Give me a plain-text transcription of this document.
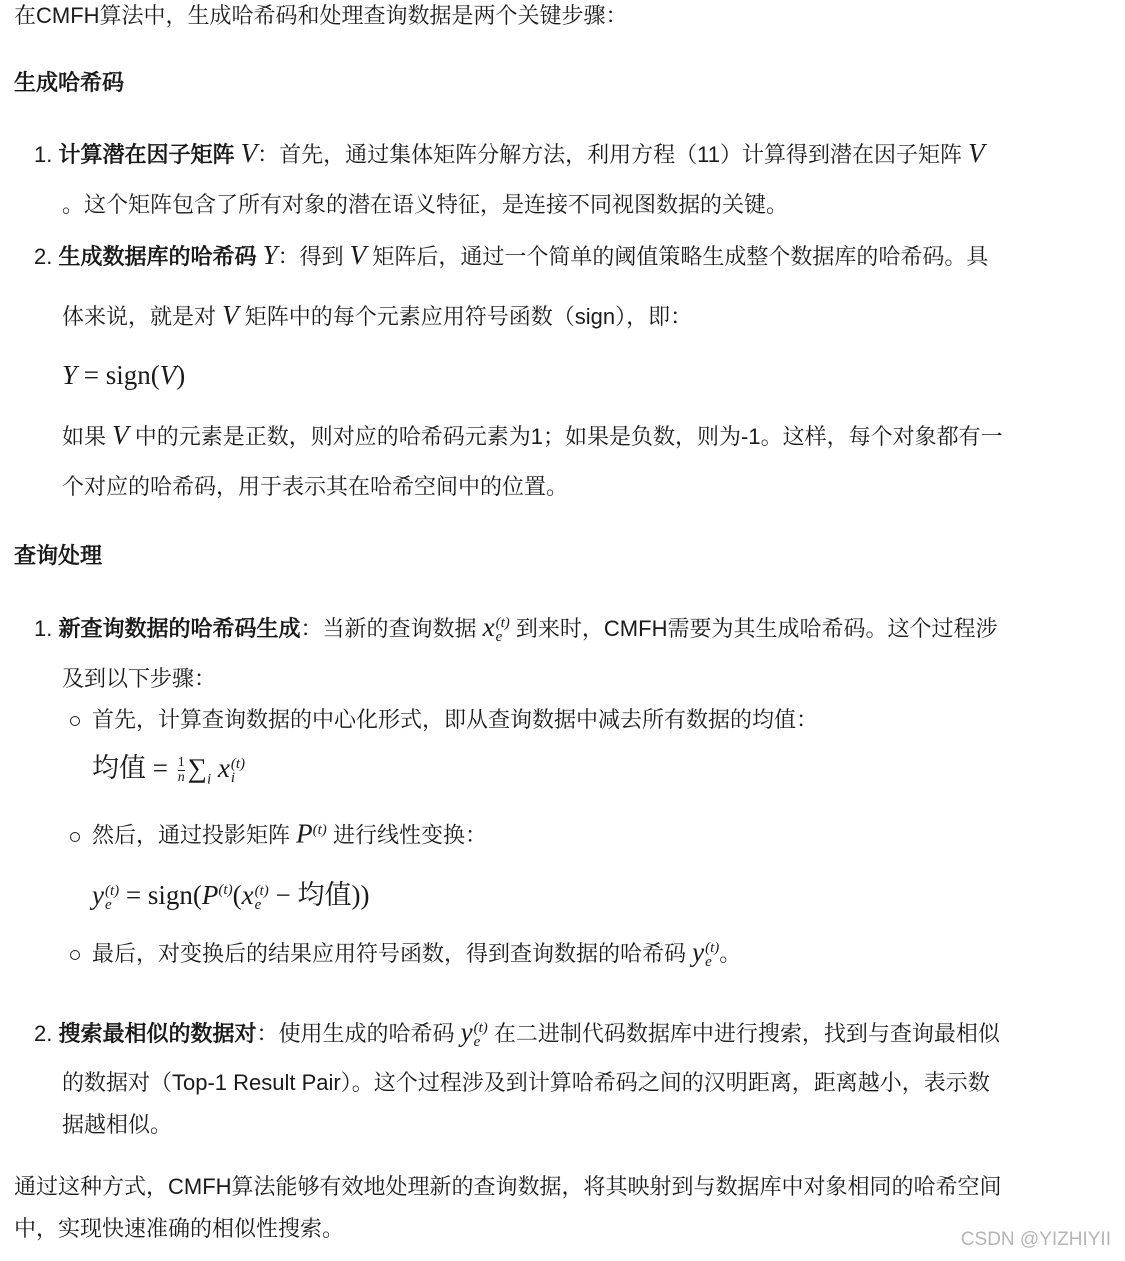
在CMFH算法中，生成哈希码和处理查询数据是两个关键步骤：
生成哈希码
1. 计算潜在因子矩阵 V：首先，通过集体矩阵分解方法，利用方程（11）计算得到潜在因子矩阵 V
。这个矩阵包含了所有对象的潜在语义特征，是连接不同视图数据的关键。
2. 生成数据库的哈希码 Y：得到 V 矩阵后，通过一个简单的阈值策略生成整个数据库的哈希码。具
体来说，就是对 V 矩阵中的每个元素应用符号函数（sign），即：
Y = sign(V)
如果 V 中的元素是正数，则对应的哈希码元素为1；如果是负数，则为-1。这样，每个对象都有一
个对应的哈希码，用于表示其在哈希空间中的位置。
查询处理
1. 新查询数据的哈希码生成：当新的查询数据 x (t)
e 到来时，CMFH需要为其生成哈希码。这个过程涉
及到以下步骤：
首先，计算查询数据的中心化形式，即从查询数据中减去所有数据的均值：
均值 = $\frac{1}{n} \sum_i$ x (t)
i
然后，通过投影矩阵 $P^{(t)}$ 进行线性变换：
y (t)
$e = sign(P^{(t)}(x$ (t)
e − 均值))
最后，对变换后的结果应用符号函数，得到查询数据的哈希码 y (t)
e 。
2. 搜索最相似的数据对：使用生成的哈希码 y (t)
e 在二进制代码数据库中进行搜索，找到与查询最相似
的数据对（Top-1 Result Pair）。这个过程涉及到计算哈希码之间的汉明距离，距离越小，表示数
据越相似。
通过这种方式，CMFH算法能够有效地处理新的查询数据，将其映射到与数据库中对象相同的哈希空间
中，实现快速准确的相似性搜索。	CSDN @YIZHIYII
